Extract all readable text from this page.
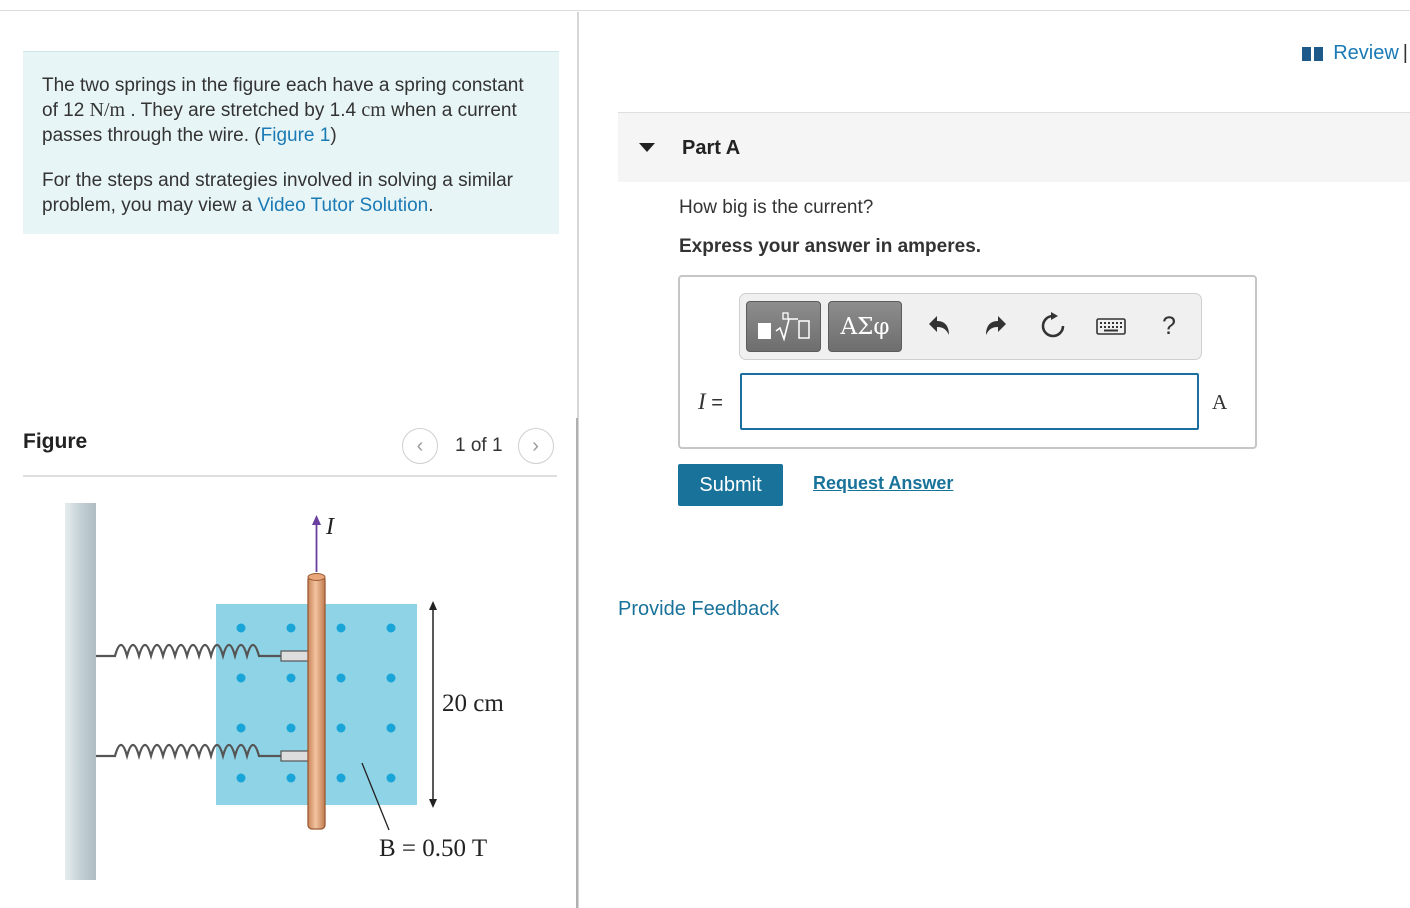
The two springs in the figure each have a spring constant of 12 N/m . They are stretched by 1.4 cm when a current passes through the wire. (Figure 1)

For the steps and strategies involved in solving a similar problem, you may view a Video Tutor Solution.

Figure	‹	1 of 1	›
I
20 cm
B = 0.50 T
Review |
Part A
How big is the current?
Express your answer in amperes.
ΑΣφ	?
I =	A
Submit	Request Answer
Provide Feedback
